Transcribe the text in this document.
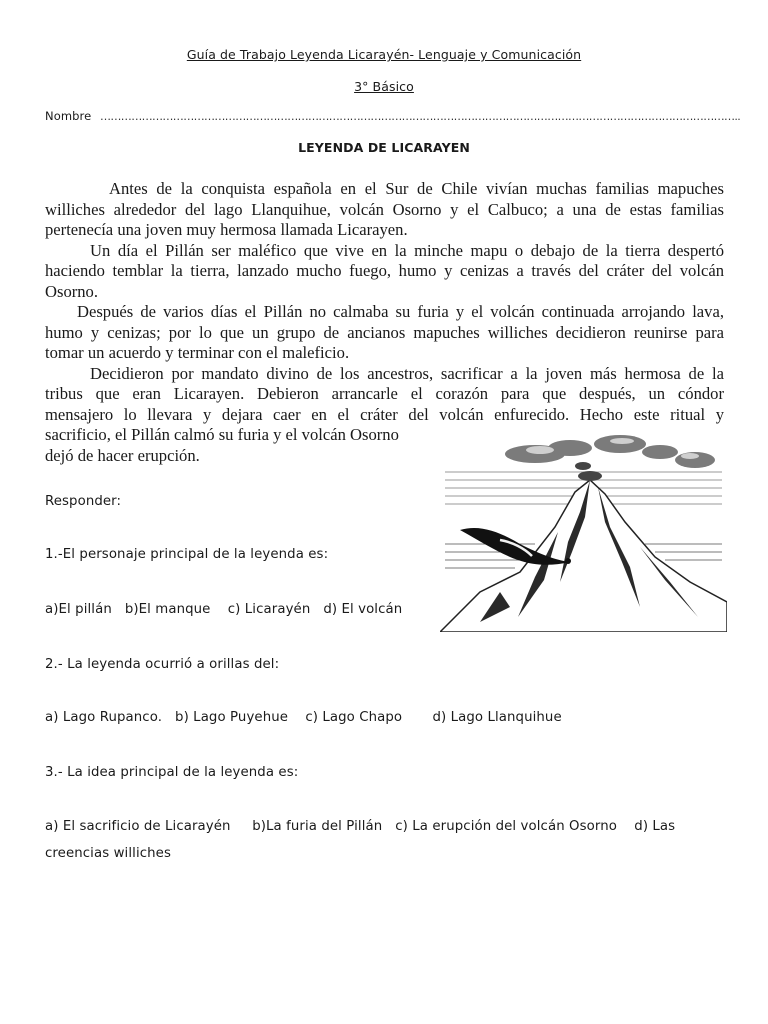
Guía de Trabajo Leyenda Licarayén- Lenguaje y Comunicación
3° Básico
Nombre …………………………………………………………………………………………………………………………………………………………………..
LEYENDA DE LICARAYEN
Antes de la conquista española en el Sur de Chile vivían muchas familias mapuches
williches alrededor del lago Llanquihue, volcán Osorno y el Calbuco; a una de estas familias
pertenecía una joven muy hermosa llamada Licarayen.
Un día el Pillán ser maléfico que vive en la minche mapu o debajo de la tierra despertó
haciendo temblar la tierra, lanzado mucho fuego, humo y cenizas a través del cráter del volcán
Osorno.
Después de varios días el Pillán no calmaba su furia y el volcán continuada arrojando lava,
humo y cenizas; por lo que un grupo de ancianos mapuches williches decidieron reunirse para
tomar un acuerdo y terminar con el maleficio.
Decidieron por mandato divino de los ancestros, sacrificar a la joven más hermosa de la
tribus que eran Licarayen. Debieron arrancarle el corazón para que después, un cóndor
mensajero lo llevara y dejara caer en el cráter del volcán enfurecido. Hecho este ritual y
sacrificio, el Pillán calmó su furia y el volcán Osorno
dejó de hacer erupción.
Responder:
1.-El personaje principal de la leyenda es:
a)El pillán   b)El manque    c) Licarayén   d) El volcán
2.- La leyenda ocurrió a orillas del:
a) Lago Rupanco.   b) Lago Puyehue    c) Lago Chapo       d) Lago Llanquihue
3.- La idea principal de la leyenda es:
a) El sacrificio de Licarayén     b)La furia del Pillán   c) La erupción del volcán Osorno    d) Las
creencias williches
